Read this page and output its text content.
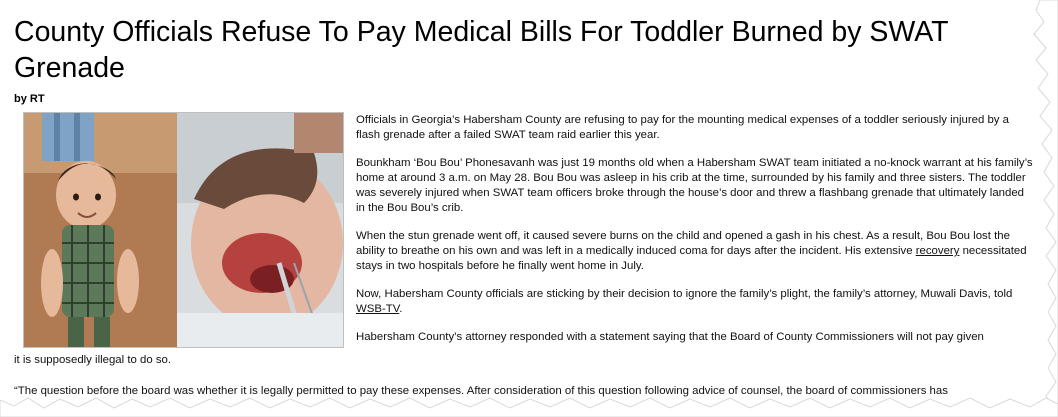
County Officials Refuse To Pay Medical Bills For Toddler Burned by SWAT Grenade
by RT

Officials in Georgia’s Habersham County are refusing to pay for the mounting medical expenses of a toddler seriously injured by a flash grenade after a failed SWAT team raid earlier this year.

Bounkham ‘Bou Bou’ Phonesavanh was just 19 months old when a Habersham SWAT team initiated a no-knock warrant at his family’s home at around 3 a.m. on May 28. Bou Bou was asleep in his crib at the time, surrounded by his family and three sisters. The toddler was severely injured when SWAT team officers broke through the house’s door and threw a flashbang grenade that ultimately landed in the Bou Bou’s crib.

When the stun grenade went off, it caused severe burns on the child and opened a gash in his chest. As a result, Bou Bou lost the ability to breathe on his own and was left in a medically induced coma for days after the incident. His extensive recovery necessitated stays in two hospitals before he finally went home in July.

Now, Habersham County officials are sticking by their decision to ignore the family’s plight, the family’s attorney, Muwali Davis, told WSB-TV.

Habersham County’s attorney responded with a statement saying that the Board of County Commissioners will not pay given

it is supposedly illegal to do so.
“The question before the board was whether it is legally permitted to pay these expenses. After consideration of this question following advice of counsel, the board of commissioners has
